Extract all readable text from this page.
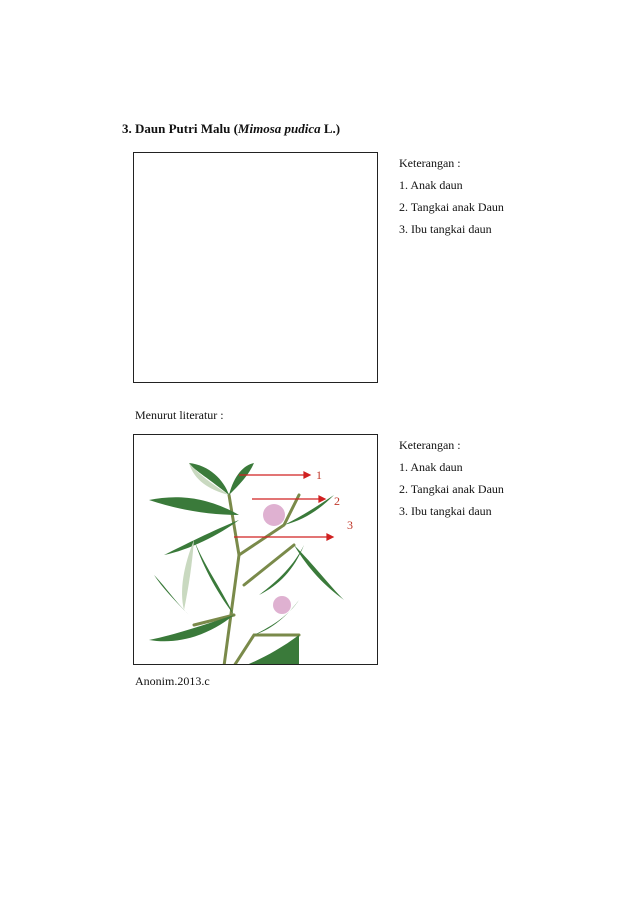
3. Daun Putri Malu (Mimosa pudica L.)
Keterangan :
1. Anak daun
2. Tangkai anak Daun
3. Ibu tangkai daun
Menurut literatur :
1
2
3
Keterangan :
1. Anak daun
2. Tangkai anak Daun
3. Ibu tangkai daun
Anonim.2013.c
